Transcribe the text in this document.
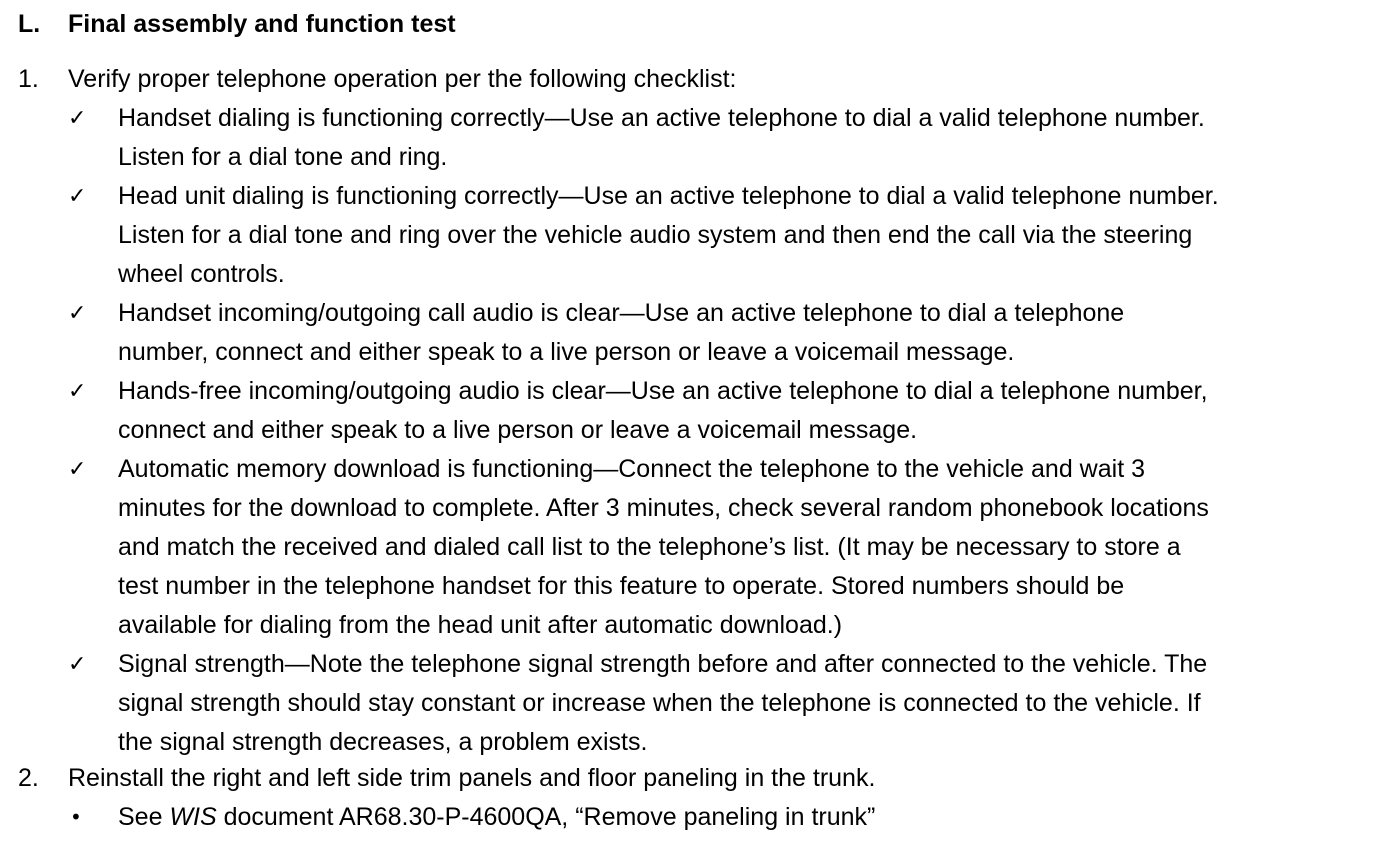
L. Final assembly and function test
1. Verify proper telephone operation per the following checklist:
✓	Handset dialing is functioning correctly—Use an active telephone to dial a valid telephone number.
Listen for a dial tone and ring.
✓	Head unit dialing is functioning correctly—Use an active telephone to dial a valid telephone number.
Listen for a dial tone and ring over the vehicle audio system and then end the call via the steering
wheel controls.
✓	Handset incoming/outgoing call audio is clear—Use an active telephone to dial a telephone
number, connect and either speak to a live person or leave a voicemail message.
✓	Hands-free incoming/outgoing audio is clear—Use an active telephone to dial a telephone number,
connect and either speak to a live person or leave a voicemail message.
✓	Automatic memory download is functioning—Connect the telephone to the vehicle and wait 3
minutes for the download to complete. After 3 minutes, check several random phonebook locations
and match the received and dialed call list to the telephone’s list. (It may be necessary to store a
test number in the telephone handset for this feature to operate. Stored numbers should be
available for dialing from the head unit after automatic download.)
✓	Signal strength—Note the telephone signal strength before and after connected to the vehicle. The
signal strength should stay constant or increase when the telephone is connected to the vehicle. If
the signal strength decreases, a problem exists.
2. Reinstall the right and left side trim panels and floor paneling in the trunk.
• See WIS document AR68.30-P-4600QA, “Remove paneling in trunk”
